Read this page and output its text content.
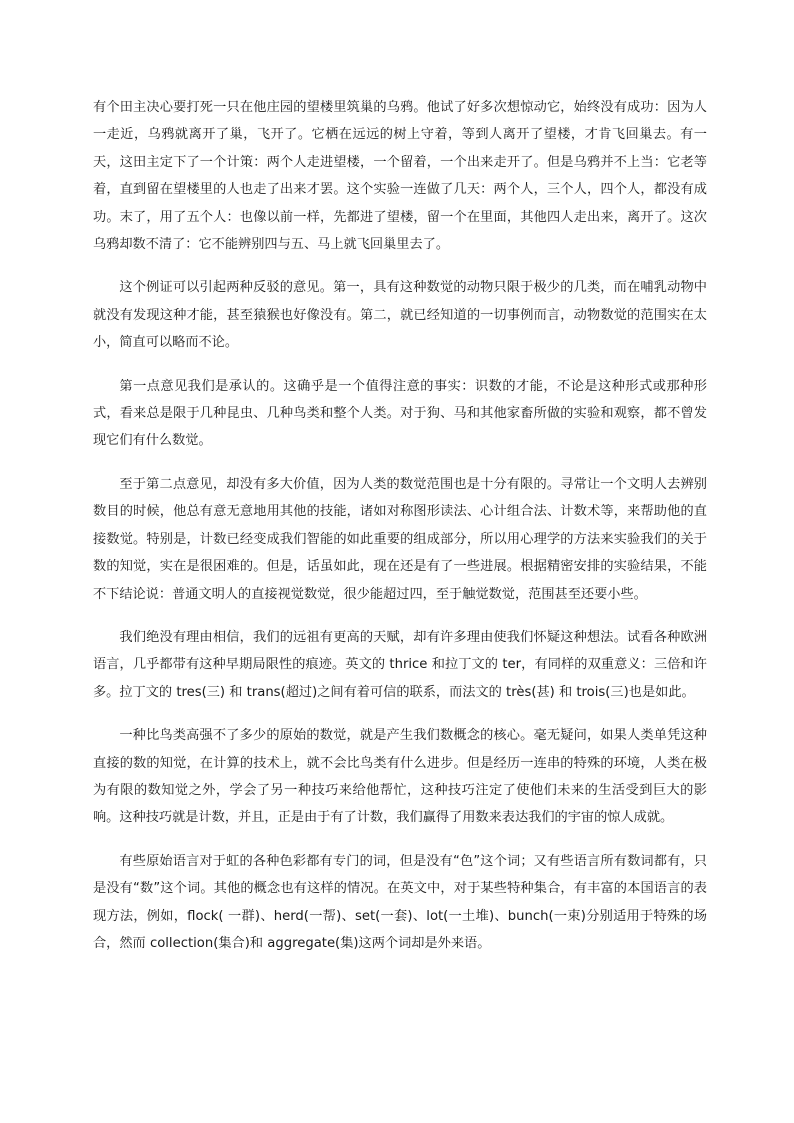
有个田主决心要打死一只在他庄园的望楼里筑巢的乌鸦。他试了好多次想惊动它，始终没有成功：因为人一走近，乌鸦就离开了巢，飞开了。它栖在远远的树上守着，等到人离开了望楼，才肯飞回巢去。有一天，这田主定下了一个计策：两个人走进望楼，一个留着，一个出来走开了。但是乌鸦并不上当：它老等着，直到留在望楼里的人也走了出来才罢。这个实验一连做了几天：两个人，三个人，四个人，都没有成功。末了，用了五个人：也像以前一样，先都进了望楼，留一个在里面，其他四人走出来，离开了。这次乌鸦却数不清了：它不能辨别四与五、马上就飞回巢里去了。

这个例证可以引起两种反驳的意见。第一，具有这种数觉的动物只限于极少的几类，而在哺乳动物中就没有发现这种才能，甚至猿猴也好像没有。第二，就已经知道的一切事例而言，动物数觉的范围实在太小，简直可以略而不论。

第一点意见我们是承认的。这确乎是一个值得注意的事实：识数的才能，不论是这种形式或那种形式，看来总是限于几种昆虫、几种鸟类和整个人类。对于狗、马和其他家畜所做的实验和观察，都不曾发现它们有什么数觉。

至于第二点意见，却没有多大价值，因为人类的数觉范围也是十分有限的。寻常让一个文明人去辨别数目的时候，他总有意无意地用其他的技能，诸如对称图形读法、心计组合法、计数术等，来帮助他的直接数觉。特别是，计数已经变成我们智能的如此重要的组成部分，所以用心理学的方法来实验我们的关于数的知觉，实在是很困难的。但是，话虽如此，现在还是有了一些进展。根据精密安排的实验结果，不能不下结论说：普通文明人的直接视觉数觉，很少能超过四，至于触觉数觉，范围甚至还要小些。

我们绝没有理由相信，我们的远祖有更高的天赋，却有许多理由使我们怀疑这种想法。试看各种欧洲语言，几乎都带有这种早期局限性的痕迹。英文的 thrice 和拉丁文的 ter，有同样的双重意义：三倍和许多。拉丁文的 tres(三) 和 trans(超过)之间有着可信的联系，而法文的 très(甚) 和 trois(三)也是如此。

一种比鸟类高强不了多少的原始的数觉，就是产生我们数概念的核心。毫无疑问，如果人类单凭这种直接的数的知觉，在计算的技术上，就不会比鸟类有什么进步。但是经历一连串的特殊的环境，人类在极为有限的数知觉之外，学会了另一种技巧来给他帮忙，这种技巧注定了使他们未来的生活受到巨大的影响。这种技巧就是计数，并且，正是由于有了计数，我们赢得了用数来表达我们的宇宙的惊人成就。

有些原始语言对于虹的各种色彩都有专门的词，但是没有“色”这个词；又有些语言所有数词都有，只是没有“数”这个词。其他的概念也有这样的情况。在英文中，对于某些特种集合，有丰富的本国语言的表现方法，例如，flock( 一群)、herd(一帮)、set(一套)、lot(一土堆)、bunch(一束)分别适用于特殊的场合，然而 collection(集合)和 aggregate(集)这两个词却是外来语。
